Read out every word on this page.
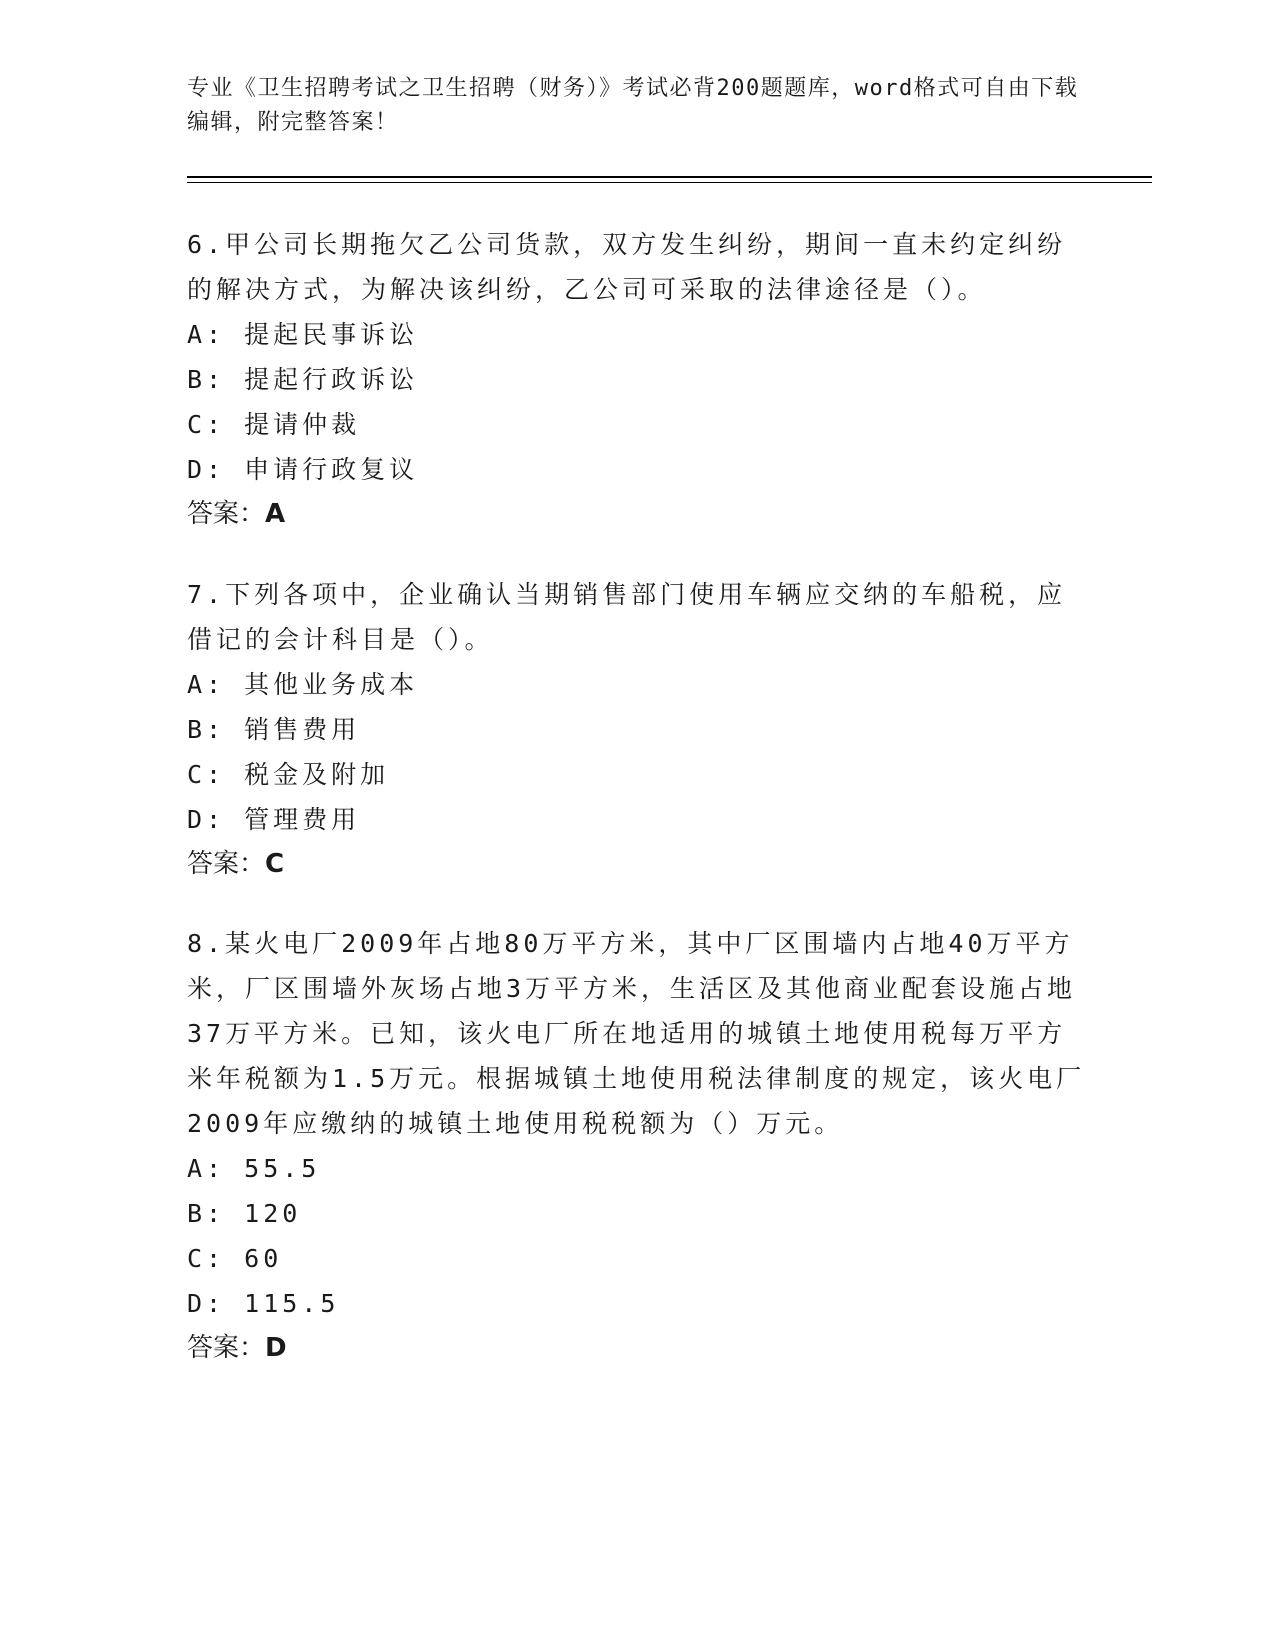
专业《卫生招聘考试之卫生招聘（财务）》考试必背200题题库，word格式可自由下载编辑，附完整答案！

6.甲公司长期拖欠乙公司货款，双方发生纠纷，期间一直未约定纠纷的解决方式，为解决该纠纷，乙公司可采取的法律途径是（）。

A: 提起民事诉讼

B: 提起行政诉讼

C: 提请仲裁

D: 申请行政复议

答案：A

7.下列各项中，企业确认当期销售部门使用车辆应交纳的车船税，应借记的会计科目是（）。

A: 其他业务成本

B: 销售费用

C: 税金及附加

D: 管理费用

答案：C

8.某火电厂2009年占地80万平方米，其中厂区围墙内占地40万平方米，厂区围墙外灰场占地3万平方米，生活区及其他商业配套设施占地37万平方米。已知，该火电厂所在地适用的城镇土地使用税每万平方米年税额为1.5万元。根据城镇土地使用税法律制度的规定，该火电厂2009年应缴纳的城镇土地使用税税额为（）万元。

A: 55.5

B: 120

C: 60

D: 115.5

答案：D
